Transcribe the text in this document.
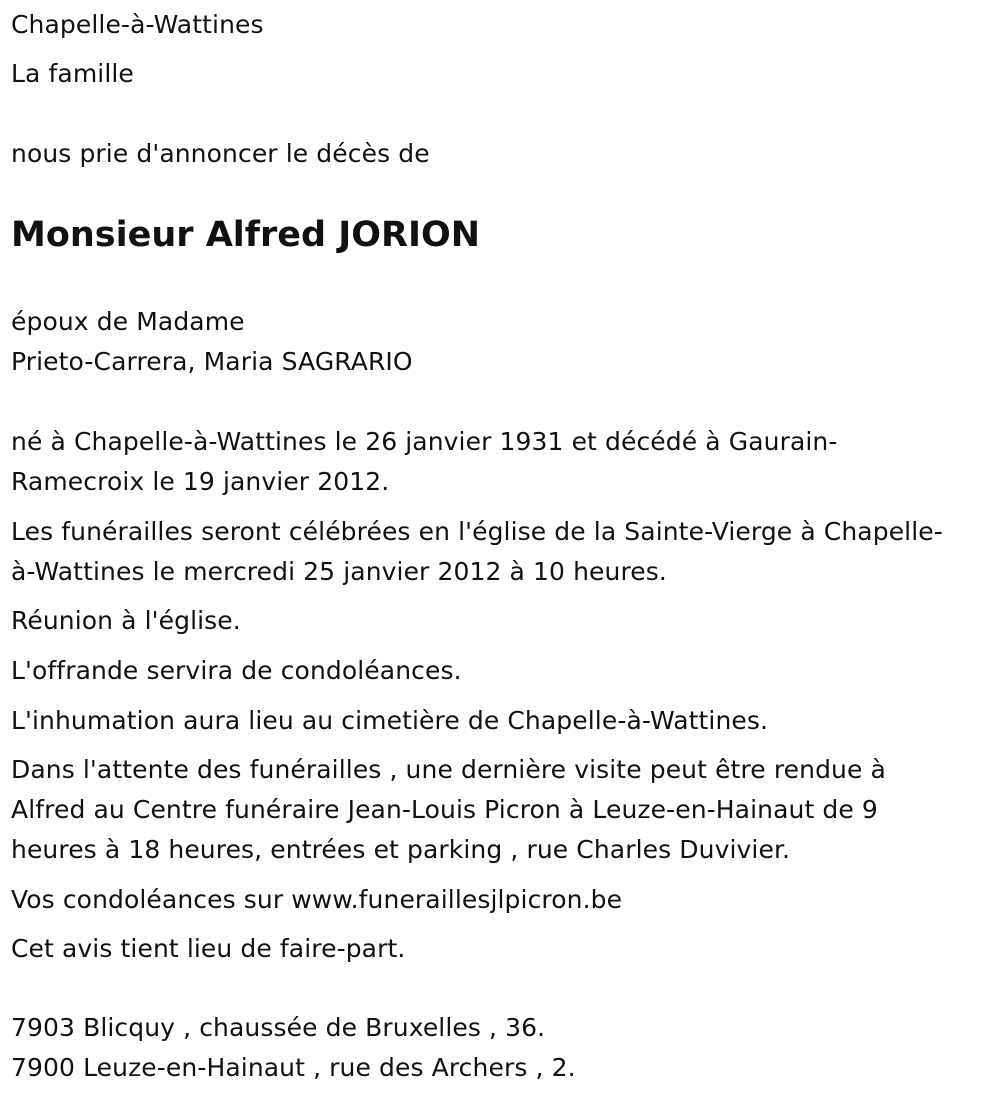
Chapelle-à-Wattines
La famille
nous prie d'annoncer le décès de
Monsieur Alfred JORION
époux de Madame
Prieto-Carrera, Maria SAGRARIO
né à Chapelle-à-Wattines le 26 janvier 1931 et décédé à Gaurain-
Ramecroix le 19 janvier 2012.
Les funérailles seront célébrées en l'église de la Sainte-Vierge à Chapelle-
à-Wattines le mercredi 25 janvier 2012 à 10 heures.
Réunion à l'église.
L'offrande servira de condoléances.
L'inhumation aura lieu au cimetière de Chapelle-à-Wattines.
Dans l'attente des funérailles , une dernière visite peut être rendue à
Alfred au Centre funéraire Jean-Louis Picron à Leuze-en-Hainaut de 9
heures à 18 heures, entrées et parking , rue Charles Duvivier.
Vos condoléances sur www.funeraillesjlpicron.be
Cet avis tient lieu de faire-part.
7903 Blicquy , chaussée de Bruxelles , 36.
7900 Leuze-en-Hainaut , rue des Archers , 2.
